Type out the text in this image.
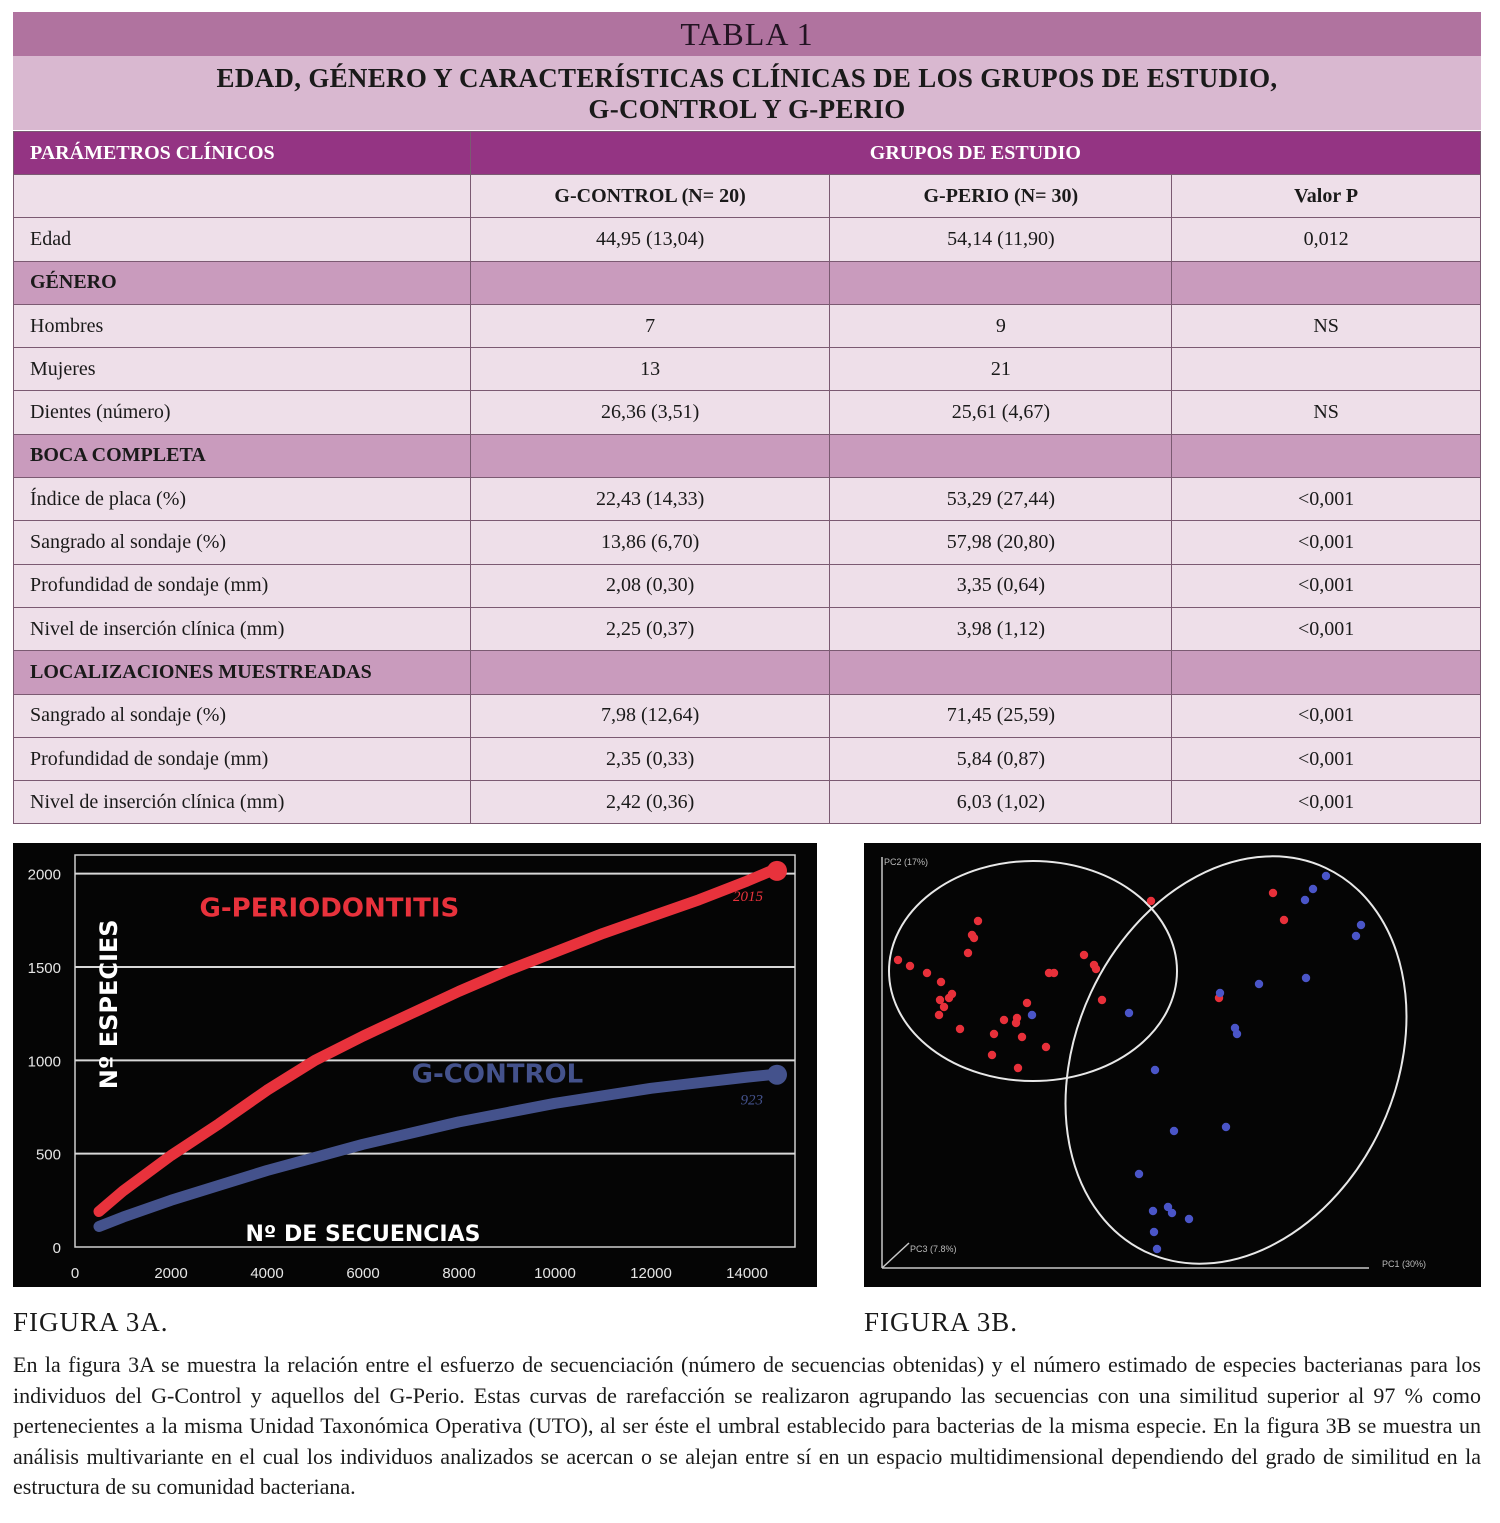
TABLA 1
EDAD, GÉNERO Y CARACTERÍSTICAS CLÍNICAS DE LOS GRUPOS DE ESTUDIO,
G-CONTROL Y G-PERIO
PARÁMETROS CLÍNICOS	GRUPOS DE ESTUDIO		
	G-CONTROL (N= 20)	G-PERIO (N= 30)	Valor P
Edad	44,95 (13,04)	54,14 (11,90)	0,012
GÉNERO			
Hombres	7	9	NS
Mujeres	13	21	
Dientes (número)	26,36 (3,51)	25,61 (4,67)	NS
BOCA COMPLETA			
Índice de placa (%)	22,43 (14,33)	53,29 (27,44)	<0,001
Sangrado al sondaje (%)	13,86 (6,70)	57,98 (20,80)	<0,001
Profundidad de sondaje (mm)	2,08 (0,30)	3,35 (0,64)	<0,001
Nivel de inserción clínica (mm)	2,25 (0,37)	3,98 (1,12)	<0,001
LOCALIZACIONES MUESTREADAS			
Sangrado al sondaje (%)	7,98 (12,64)	71,45 (25,59)	<0,001
Profundidad de sondaje (mm)	2,35 (0,33)	5,84 (0,87)	<0,001
Nivel de inserción clínica (mm)	2,42 (0,36)	6,03 (1,02)	<0,001
0
500
1000
1500
2000
0	2000	4000	6000	8000	10000	12000	14000
Nº DE SECUENCIAS
Nº ESPECIES
2015
G-PERIODONTITIS
923
G-CONTROL
PC2 (17%)
PC1 (30%)
PC3 (7.8%)
FIGURA 3A.	FIGURA 3B.

En la figura 3A se muestra la relación entre el esfuerzo de secuenciación (número de secuencias obtenidas) y el número estimado de especies bacterianas para los individuos del G-Control y aquellos del G-Perio. Estas curvas de rarefacción se realizaron agrupando las secuencias con una similitud superior al 97 % como pertenecientes a la misma Unidad Taxonómica Operativa (UTO), al ser éste el umbral establecido para bacterias de la misma especie. En la figura 3B se muestra un análisis multivariante en el cual los individuos analizados se acercan o se alejan entre sí en un espacio multidimensional dependiendo del grado de similitud en la estructura de su comunidad bacteriana.
